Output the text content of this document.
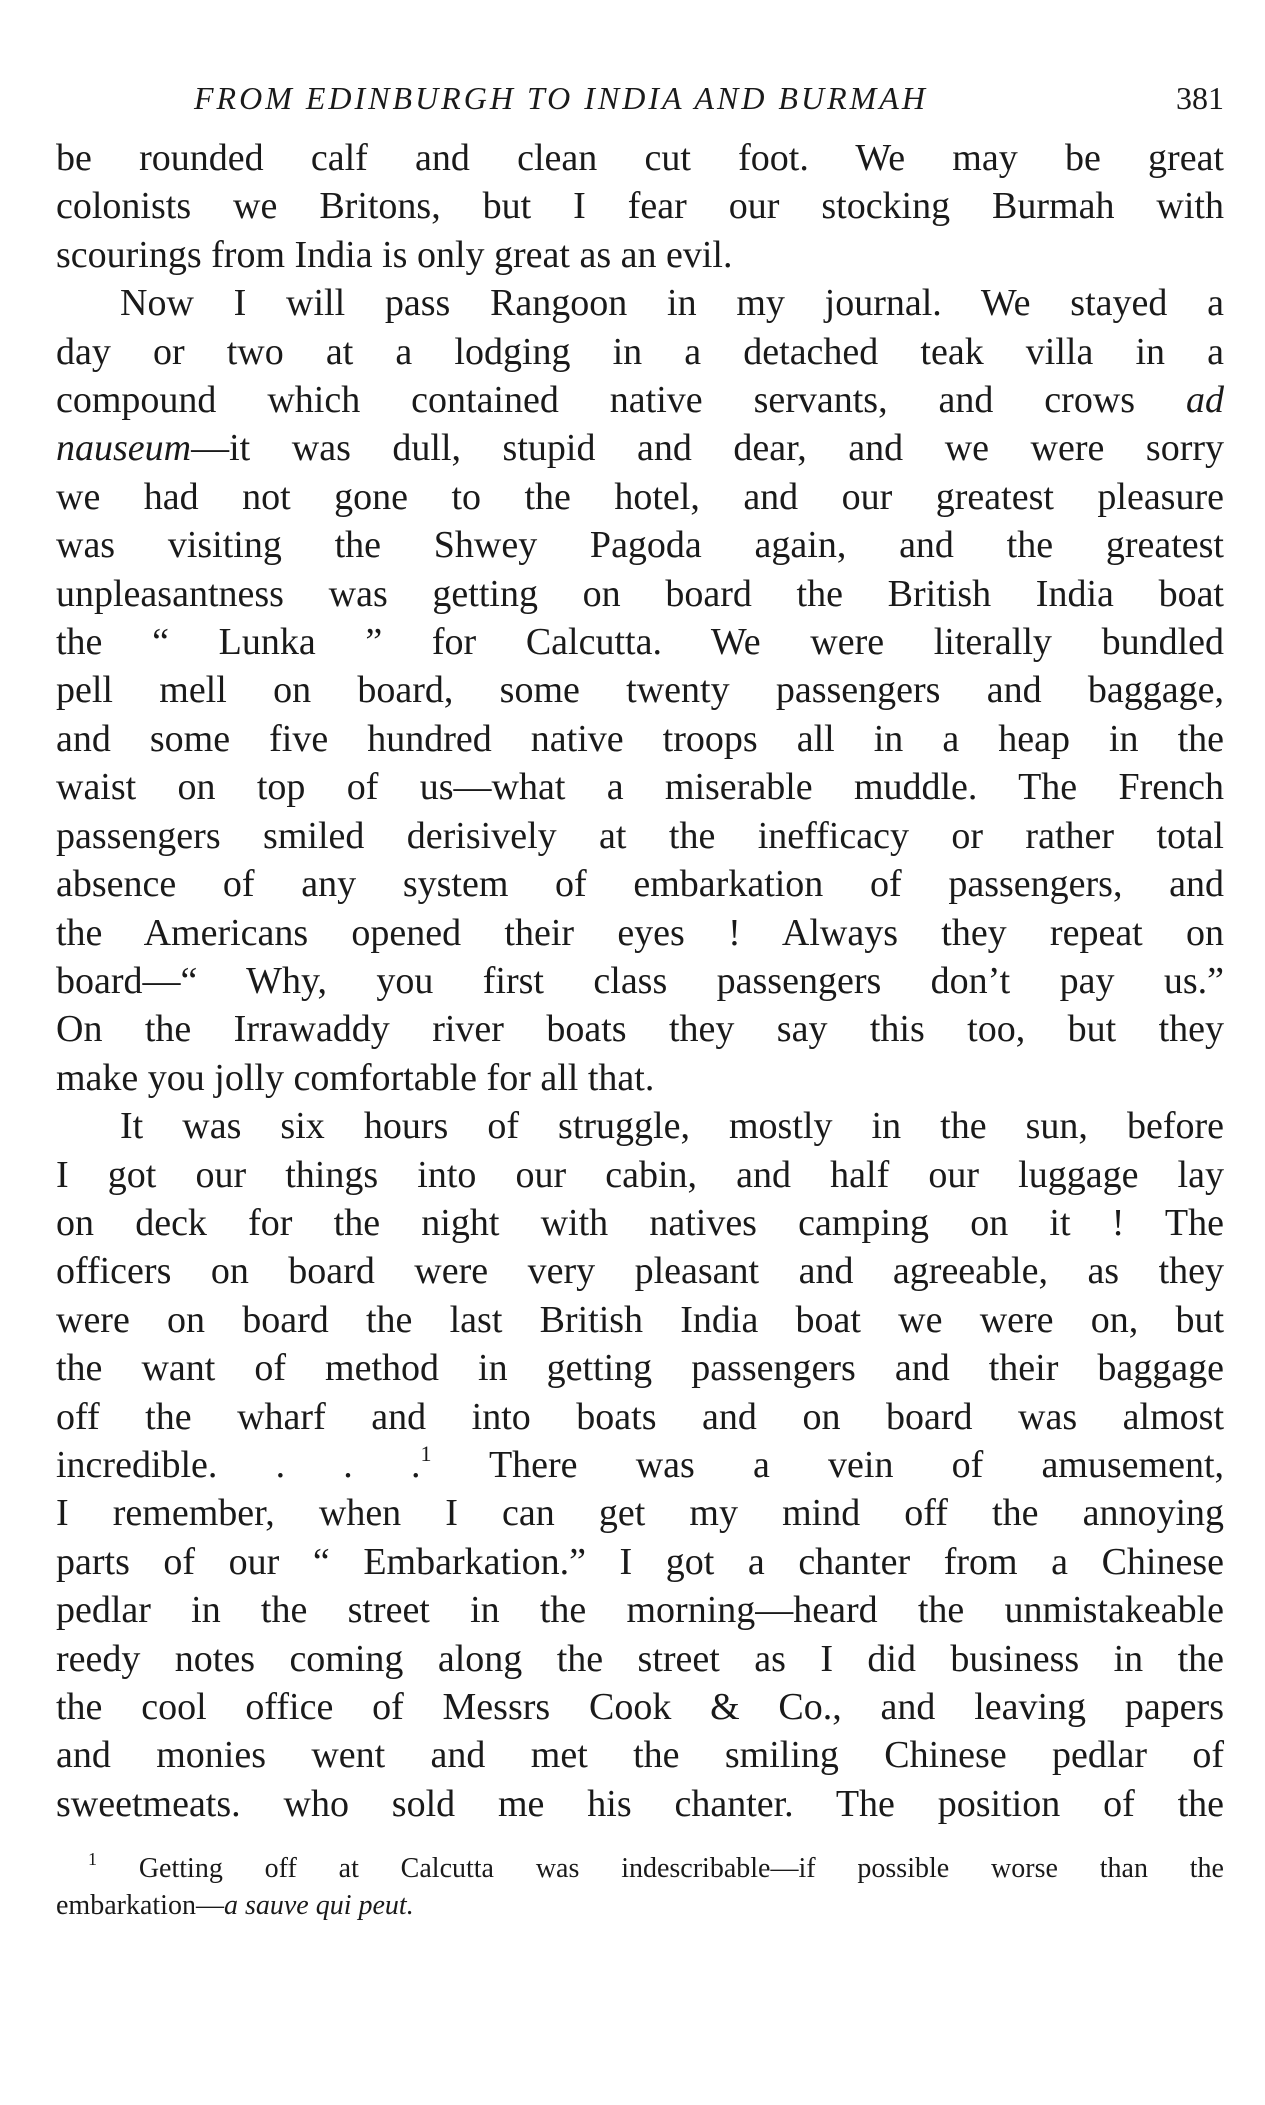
FROM EDINBURGH TO INDIA AND BURMAH	381
be rounded calf and clean cut foot. We may be great
colonists we Britons, but I fear our stocking Burmah with
scourings from India is only great as an evil.
Now I will pass Rangoon in my journal. We stayed a
day or two at a lodging in a detached teak villa in a
compound which contained native servants, and crows ad
nauseum—it was dull, stupid and dear, and we were sorry
we had not gone to the hotel, and our greatest pleasure
was visiting the Shwey Pagoda again, and the greatest
unpleasantness was getting on board the British India boat
the “ Lunka ” for Calcutta. We were literally bundled
pell mell on board, some twenty passengers and baggage,
and some five hundred native troops all in a heap in the
waist on top of us—what a miserable muddle. The French
passengers smiled derisively at the inefficacy or rather total
absence of any system of embarkation of passengers, and
the Americans opened their eyes ! Always they repeat on
board—“ Why, you first class passengers don’t pay us.”
On the Irrawaddy river boats they say this too, but they
make you jolly comfortable for all that.
It was six hours of struggle, mostly in the sun, before
I got our things into our cabin, and half our luggage lay
on deck for the night with natives camping on it ! The
officers on board were very pleasant and agreeable, as they
were on board the last British India boat we were on, but
the want of method in getting passengers and their baggage
off the wharf and into boats and on board was almost
incredible. . . .$^1$ There was a vein of amusement,
I remember, when I can get my mind off the annoying
parts of our “ Embarkation.” I got a chanter from a Chinese
pedlar in the street in the morning—heard the unmistakeable
reedy notes coming along the street as I did business in the
the cool office of Messrs Cook & Co., and leaving papers
and monies went and met the smiling Chinese pedlar of
sweetmeats. who sold me his chanter. The position of the
$^1$ Getting off at Calcutta was indescribable—if possible worse than the
embarkation—a sauve qui peut.
